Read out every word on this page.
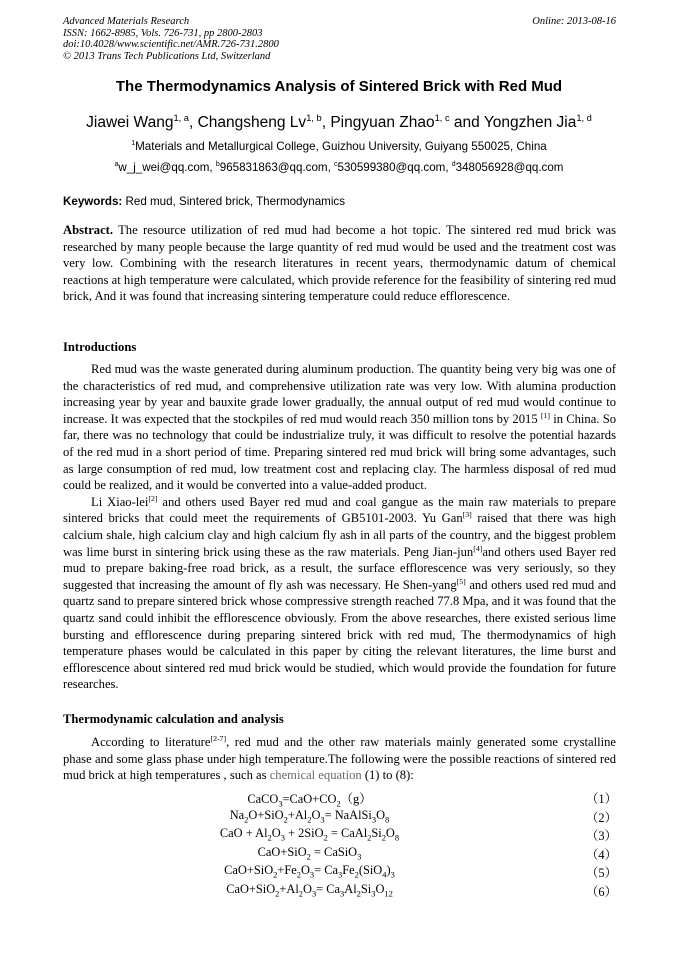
Advanced Materials Research
ISSN: 1662-8985, Vols. 726-731, pp 2800-2803
doi:10.4028/www.scientific.net/AMR.726-731.2800
© 2013 Trans Tech Publications Ltd, Switzerland
Online: 2013-08-16
The Thermodynamics Analysis of Sintered Brick with Red Mud
Jiawei Wang$^{1, a}$, Changsheng Lv$^{1, b}$, Pingyuan Zhao$^{1, c}$ and Yongzhen Jia$^{1, d}$
$^1$Materials and Metallurgical College, Guizhou University, Guiyang 550025, China
$^a$w_j_wei@qq.com, $^b$965831863@qq.com, $^c$530599380@qq.com, $^d$348056928@qq.com
Keywords: Red mud, Sintered brick, Thermodynamics
Abstract. The resource utilization of red mud had become a hot topic. The sintered red mud brick was researched by many people because the large quantity of red mud would be used and the treatment cost was very low. Combining with the research literatures in recent years, thermodynamic datum of chemical reactions at high temperature were calculated, which provide reference for the feasibility of sintering red mud brick, And it was found that increasing sintering temperature could reduce efflorescence.
Introductions

Red mud was the waste generated during aluminum production. The quantity being very big was one of the characteristics of red mud, and comprehensive utilization rate was very low. With alumina production increasing year by year and bauxite grade lower gradually, the annual output of red mud would continue to increase. It was expected that the stockpiles of red mud would reach 350 million tons by 2015 [1] in China. So far, there was no technology that could be industrialize truly, it was difficult to resolve the potential hazards of the red mud in a short period of time. Preparing sintered red mud brick will bring some advantages, such as large consumption of red mud, low treatment cost and replacing clay. The harmless disposal of red mud could be realized, and it would be converted into a value-added product.

Li Xiao-lei[2] and others used Bayer red mud and coal gangue as the main raw materials to prepare sintered bricks that could meet the requirements of GB5101-2003. Yu Gan[3] raised that there was high calcium shale, high calcium clay and high calcium fly ash in all parts of the country, and the biggest problem was lime burst in sintering brick using these as the raw materials. Peng Jian-jun[4]and others used Bayer red mud to prepare baking-free road brick, as a result, the surface efflorescence was very seriously, so they suggested that increasing the amount of fly ash was necessary. He Shen-yang[5] and others used red mud and quartz sand to prepare sintered brick whose compressive strength reached 77.8 Mpa, and it was found that the quartz sand could inhibit the efflorescence obviously. From the above researches, there existed serious lime bursting and efflorescence during preparing sintered brick with red mud, The thermodynamics of high temperature phases would be calculated in this paper by citing the relevant literatures, the lime burst and efflorescence about sintered red mud brick would be studied, which would provide the foundation for future researches.

Thermodynamic calculation and analysis

According to literature[2-7], red mud and the other raw materials mainly generated some crystalline phase and some glass phase under high temperature.The following were the possible reactions of sintered red mud brick at high temperatures , such as chemical equation (1) to (8):

$CaCO_3=CaO+CO_2(g)$	（1）
$Na_2O+SiO_2+Al_2O_3=$ $NaAlSi_3O_8$	（2）
CaO + $Al_2O_3 + 2SiO_2$ = $CaAl_2Si_2O_8$	（3）
CaO+SiO$_2$ = CaSiO$_3$	（4）
$CaO+SiO_2+Fe_2O_3= Ca_3Fe_2(SiO_4)_3$	（5）
$CaO+SiO_2+Al_2O_3= Ca_3Al_2Si_3O_{12}$	（6）
